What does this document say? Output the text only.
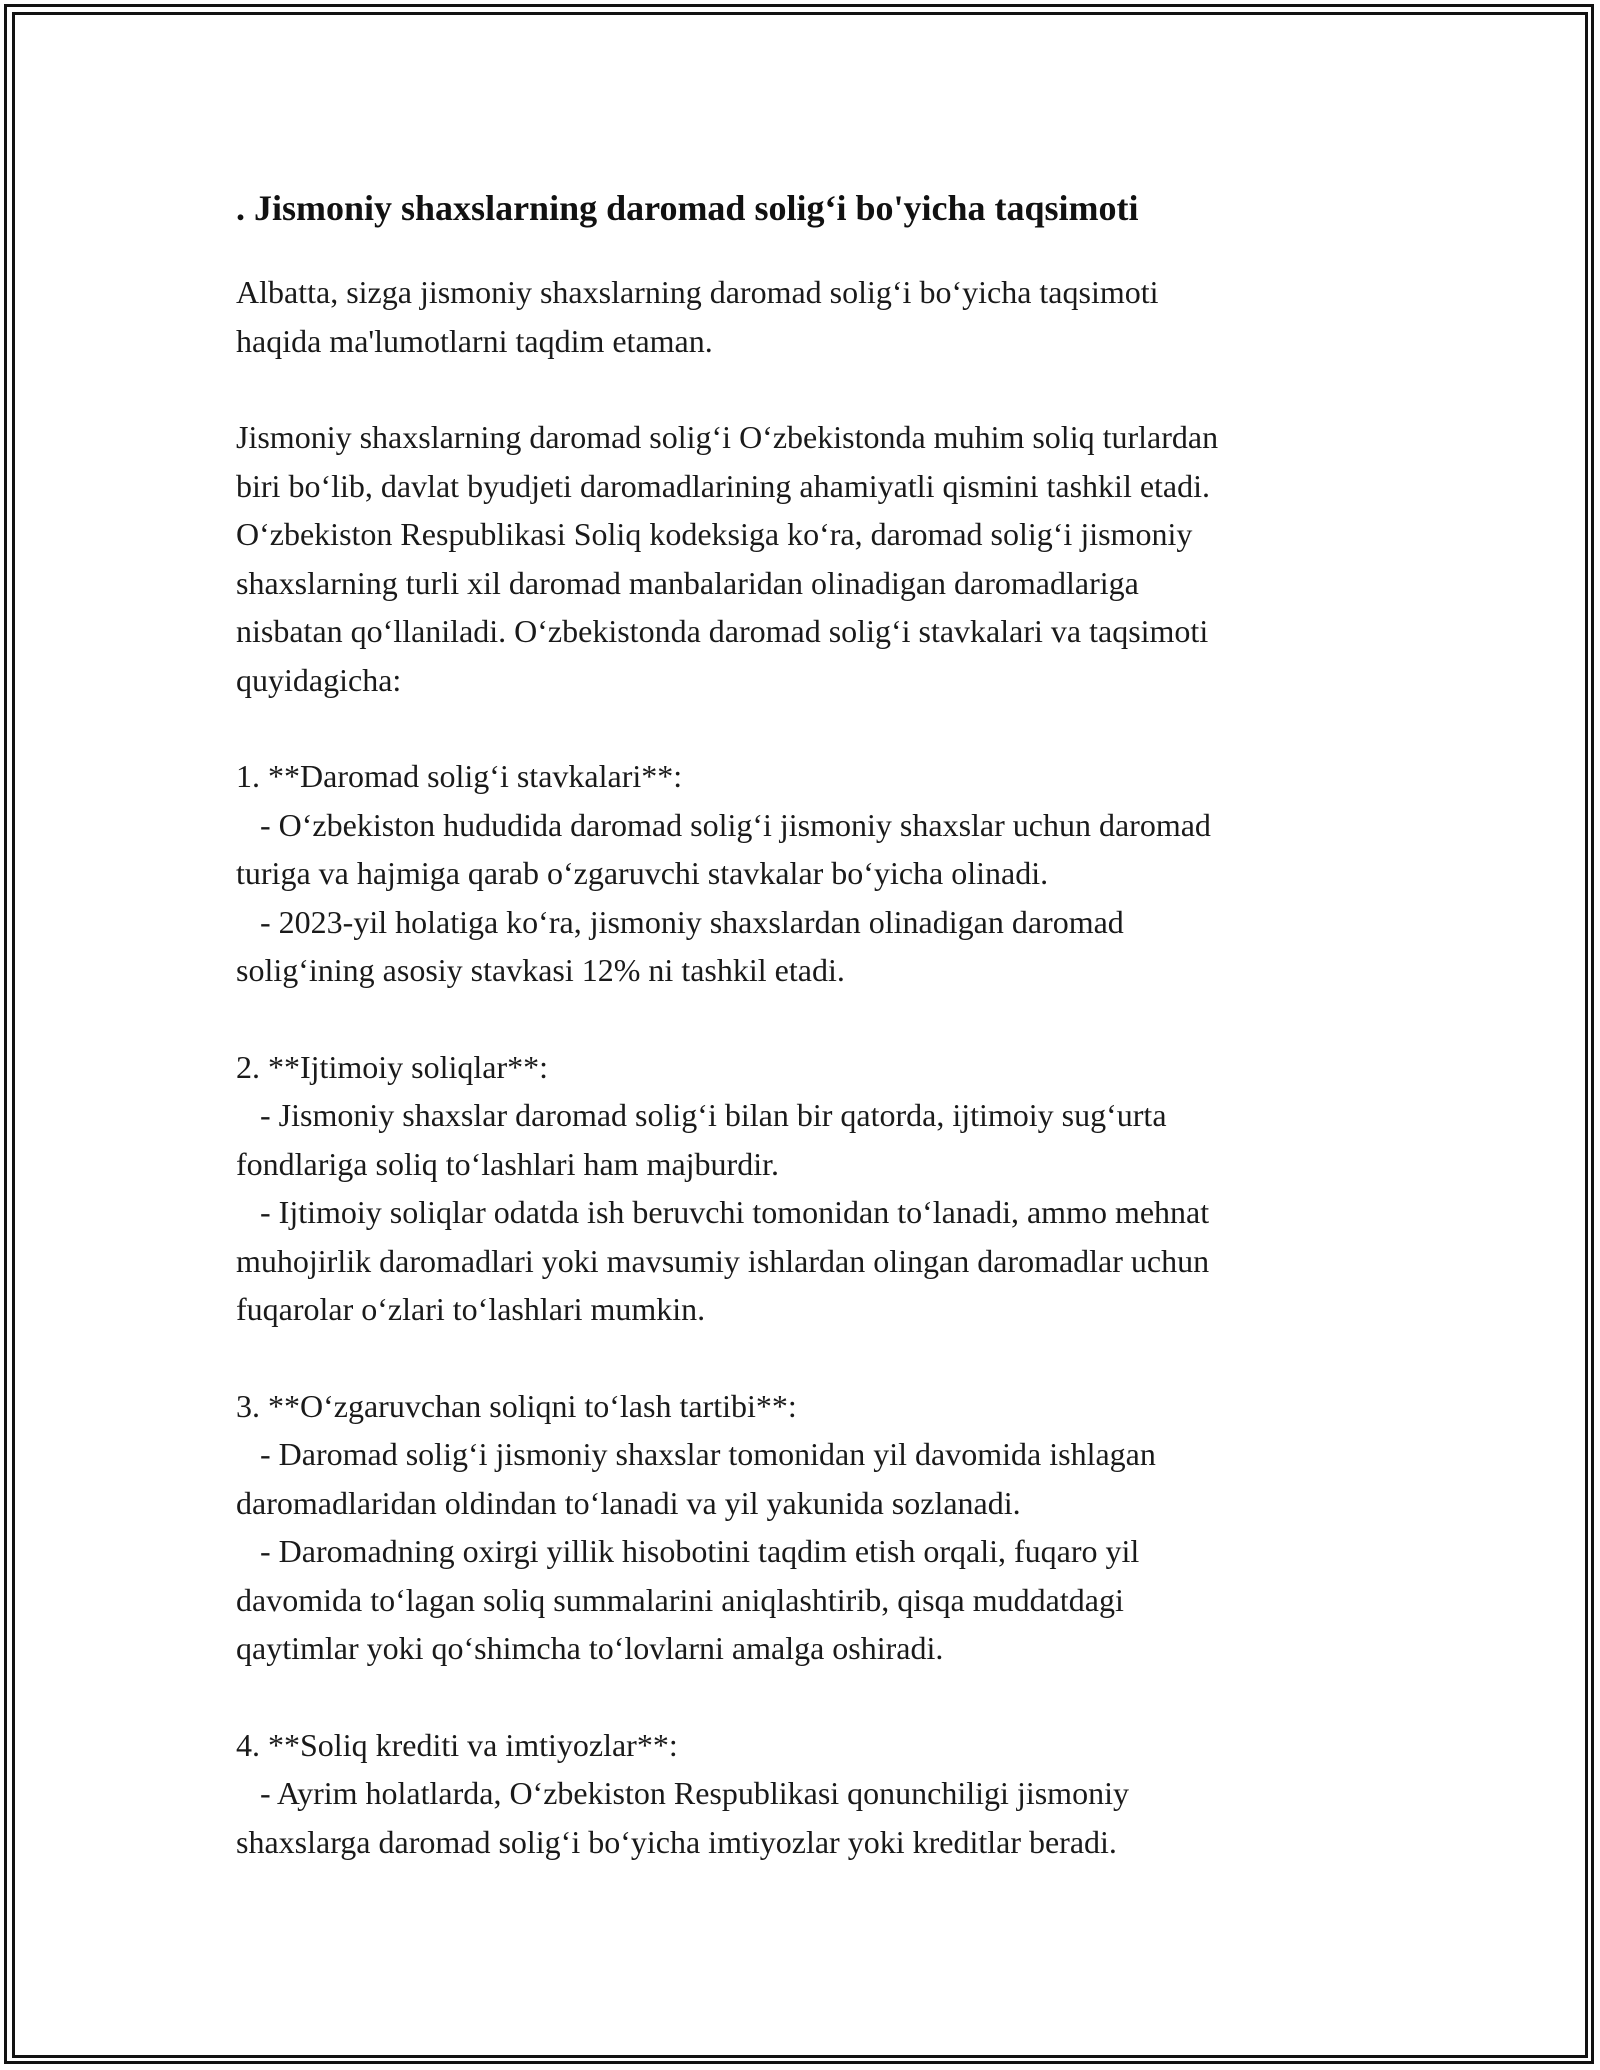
. Jismoniy shaxslarning daromad solig‘i bo'yicha taqsimoti

Albatta, sizga jismoniy shaxslarning daromad solig‘i bo‘yicha taqsimoti
haqida ma'lumotlarni taqdim etaman.

Jismoniy shaxslarning daromad solig‘i O‘zbekistonda muhim soliq turlardan
biri bo‘lib, davlat byudjeti daromadlarining ahamiyatli qismini tashkil etadi.
O‘zbekiston Respublikasi Soliq kodeksiga ko‘ra, daromad solig‘i jismoniy
shaxslarning turli xil daromad manbalaridan olinadigan daromadlariga
nisbatan qo‘llaniladi. O‘zbekistonda daromad solig‘i stavkalari va taqsimoti
quyidagicha:

1. **Daromad solig‘i stavkalari**:
- O‘zbekiston hududida daromad solig‘i jismoniy shaxslar uchun daromad
turiga va hajmiga qarab o‘zgaruvchi stavkalar bo‘yicha olinadi.
- 2023-yil holatiga ko‘ra, jismoniy shaxslardan olinadigan daromad
solig‘ining asosiy stavkasi 12% ni tashkil etadi.

2. **Ijtimoiy soliqlar**:
- Jismoniy shaxslar daromad solig‘i bilan bir qatorda, ijtimoiy sug‘urta
fondlariga soliq to‘lashlari ham majburdir.
- Ijtimoiy soliqlar odatda ish beruvchi tomonidan to‘lanadi, ammo mehnat
muhojirlik daromadlari yoki mavsumiy ishlardan olingan daromadlar uchun
fuqarolar o‘zlari to‘lashlari mumkin.

3. **O‘zgaruvchan soliqni to‘lash tartibi**:
- Daromad solig‘i jismoniy shaxslar tomonidan yil davomida ishlagan
daromadlaridan oldindan to‘lanadi va yil yakunida sozlanadi.
- Daromadning oxirgi yillik hisobotini taqdim etish orqali, fuqaro yil
davomida to‘lagan soliq summalarini aniqlashtirib, qisqa muddatdagi
qaytimlar yoki qo‘shimcha to‘lovlarni amalga oshiradi.

4. **Soliq krediti va imtiyozlar**:
- Ayrim holatlarda, O‘zbekiston Respublikasi qonunchiligi jismoniy
shaxslarga daromad solig‘i bo‘yicha imtiyozlar yoki kreditlar beradi.
